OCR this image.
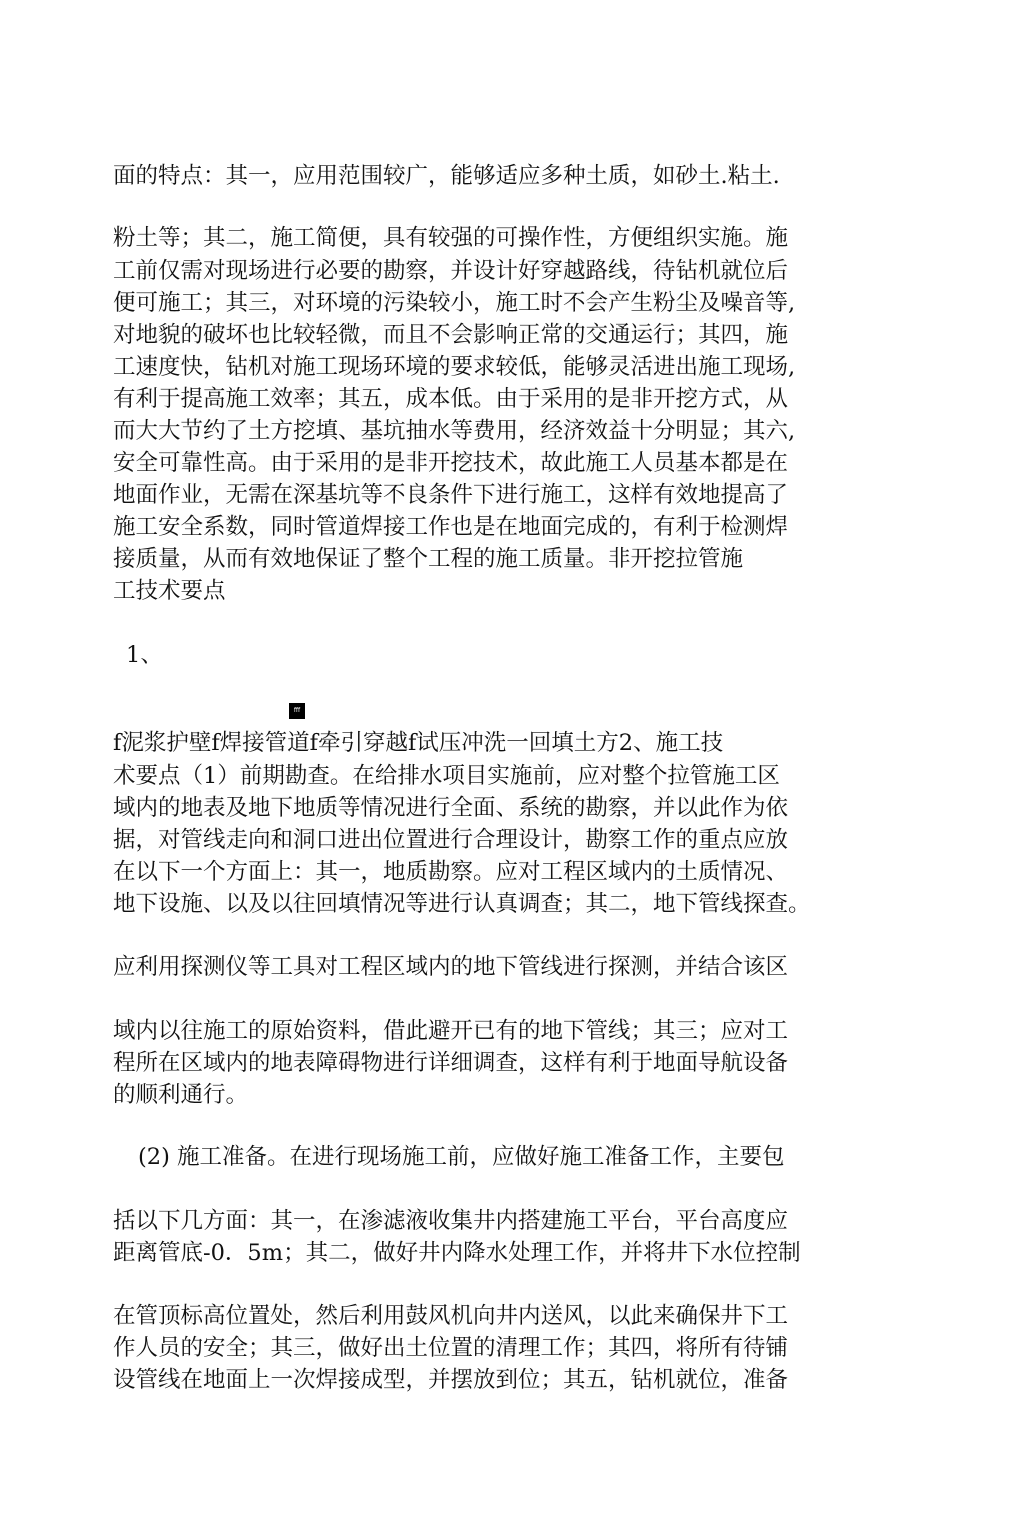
面的特点：其一，应用范围较广，能够适应多种土质，如砂土.粘土.
粉土等；其二，施工简便，具有较强的可操作性，方便组织实施。施
工前仅需对现场进行必要的勘察，并设计好穿越路线，待钻机就位后
便可施工；其三，对环境的污染较小，施工时不会产生粉尘及噪音等,
对地貌的破坏也比较轻微，而且不会影响正常的交通运行；其四，施
工速度快，钻机对施工现场环境的要求较低，能够灵活进出施工现场,
有利于提高施工效率；其五，成本低。由于采用的是非开挖方式，从
而大大节约了土方挖填、基坑抽水等费用，经济效益十分明显；其六,
安全可靠性高。由于采用的是非开挖技术，故此施工人员基本都是在
地面作业，无需在深基坑等不良条件下进行施工，这样有效地提高了
施工安全系数，同时管道焊接工作也是在地面完成的，有利于检测焊
接质量，从而有效地保证了整个工程的施工质量。非开挖拉管施
工技术要点
1、
fff
f泥浆护壁f焊接管道f牵引穿越f试压冲洗一回填土方2、施工技
术要点（1）前期勘查。在给排水项目实施前，应对整个拉管施工区
域内的地表及地下地质等情况进行全面、系统的勘察，并以此作为依
据，对管线走向和洞口进出位置进行合理设计，勘察工作的重点应放
在以下一个方面上：其一，地质勘察。应对工程区域内的土质情况、
地下设施、以及以往回填情况等进行认真调查；其二，地下管线探查。
应利用探测仪等工具对工程区域内的地下管线进行探测，并结合该区
域内以往施工的原始资料，借此避开已有的地下管线；其三；应对工
程所在区域内的地表障碍物进行详细调查，这样有利于地面导航设备
的顺利通行。
(2) 施工准备。在进行现场施工前，应做好施工准备工作，主要包
括以下几方面：其一，在渗滤液收集井内搭建施工平台，平台高度应
距离管底-0．5m；其二，做好井内降水处理工作，并将井下水位控制
在管顶标高位置处，然后利用鼓风机向井内送风，以此来确保井下工
作人员的安全；其三，做好出土位置的清理工作；其四，将所有待铺
设管线在地面上一次焊接成型，并摆放到位；其五，钻机就位，准备
